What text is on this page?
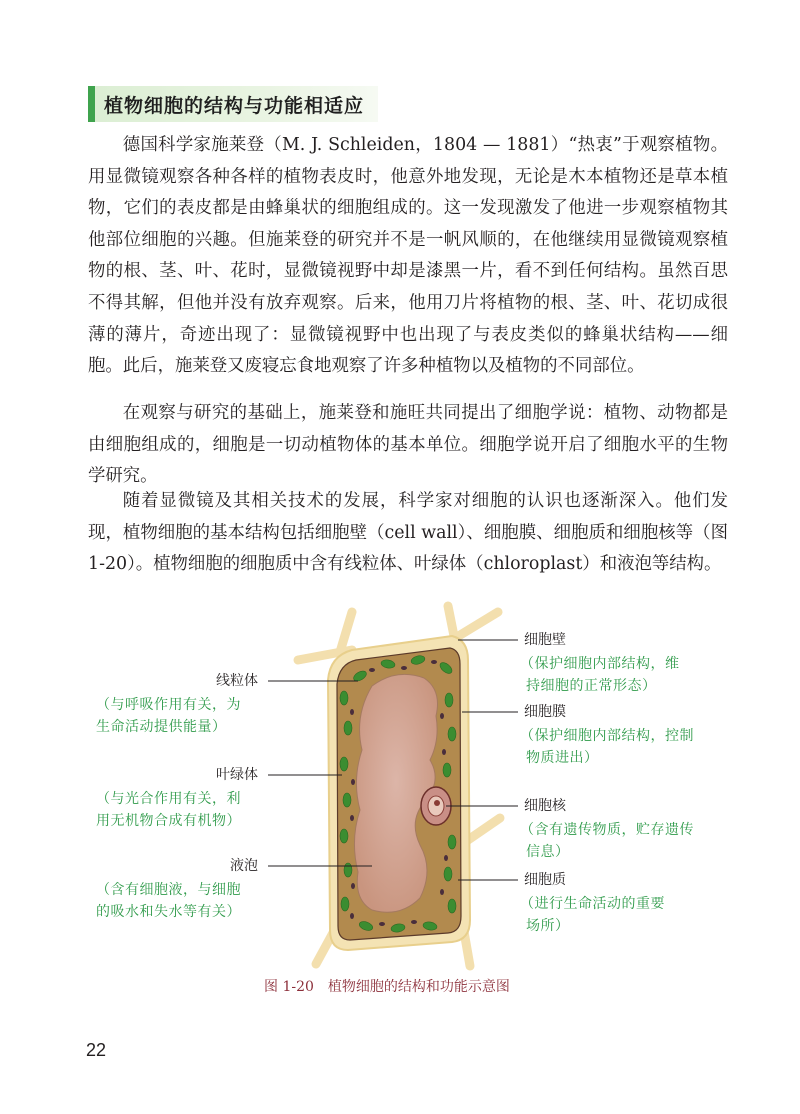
植物细胞的结构与功能相适应

德国科学家施莱登（M. J. Schleiden，1804 — 1881）“热衷”于观察植物。用显微镜观察各种各样的植物表皮时，他意外地发现，无论是木本植物还是草本植物，它们的表皮都是由蜂巢状的细胞组成的。这一发现激发了他进一步观察植物其他部位细胞的兴趣。但施莱登的研究并不是一帆风顺的，在他继续用显微镜观察植物的根、茎、叶、花时，显微镜视野中却是漆黑一片，看不到任何结构。虽然百思不得其解，但他并没有放弃观察。后来，他用刀片将植物的根、茎、叶、花切成很薄的薄片，奇迹出现了：显微镜视野中也出现了与表皮类似的蜂巢状结构——细胞。此后，施莱登又废寝忘食地观察了许多种植物以及植物的不同部位。

在观察与研究的基础上，施莱登和施旺共同提出了细胞学说：植物、动物都是由细胞组成的，细胞是一切动植物体的基本单位。细胞学说开启了细胞水平的生物学研究。

随着显微镜及其相关技术的发展，科学家对细胞的认识也逐渐深入。他们发现，植物细胞的基本结构包括细胞壁（cell wall）、细胞膜、细胞质和细胞核等（图 1-20）。植物细胞的细胞质中含有线粒体、叶绿体（chloroplast）和液泡等结构。

线粒体
（与呼吸作用有关，为
生命活动提供能量）
叶绿体
（与光合作用有关，利
用无机物合成有机物）
液泡
（含有细胞液，与细胞
的吸水和失水等有关）
细胞壁
（保护细胞内部结构，维
持细胞的正常形态）
细胞膜
（保护细胞内部结构，控制
物质进出）
细胞核
（含有遗传物质，贮存遗传
信息）
细胞质
（进行生命活动的重要
场所）
图 1-20　植物细胞的结构和功能示意图
22
